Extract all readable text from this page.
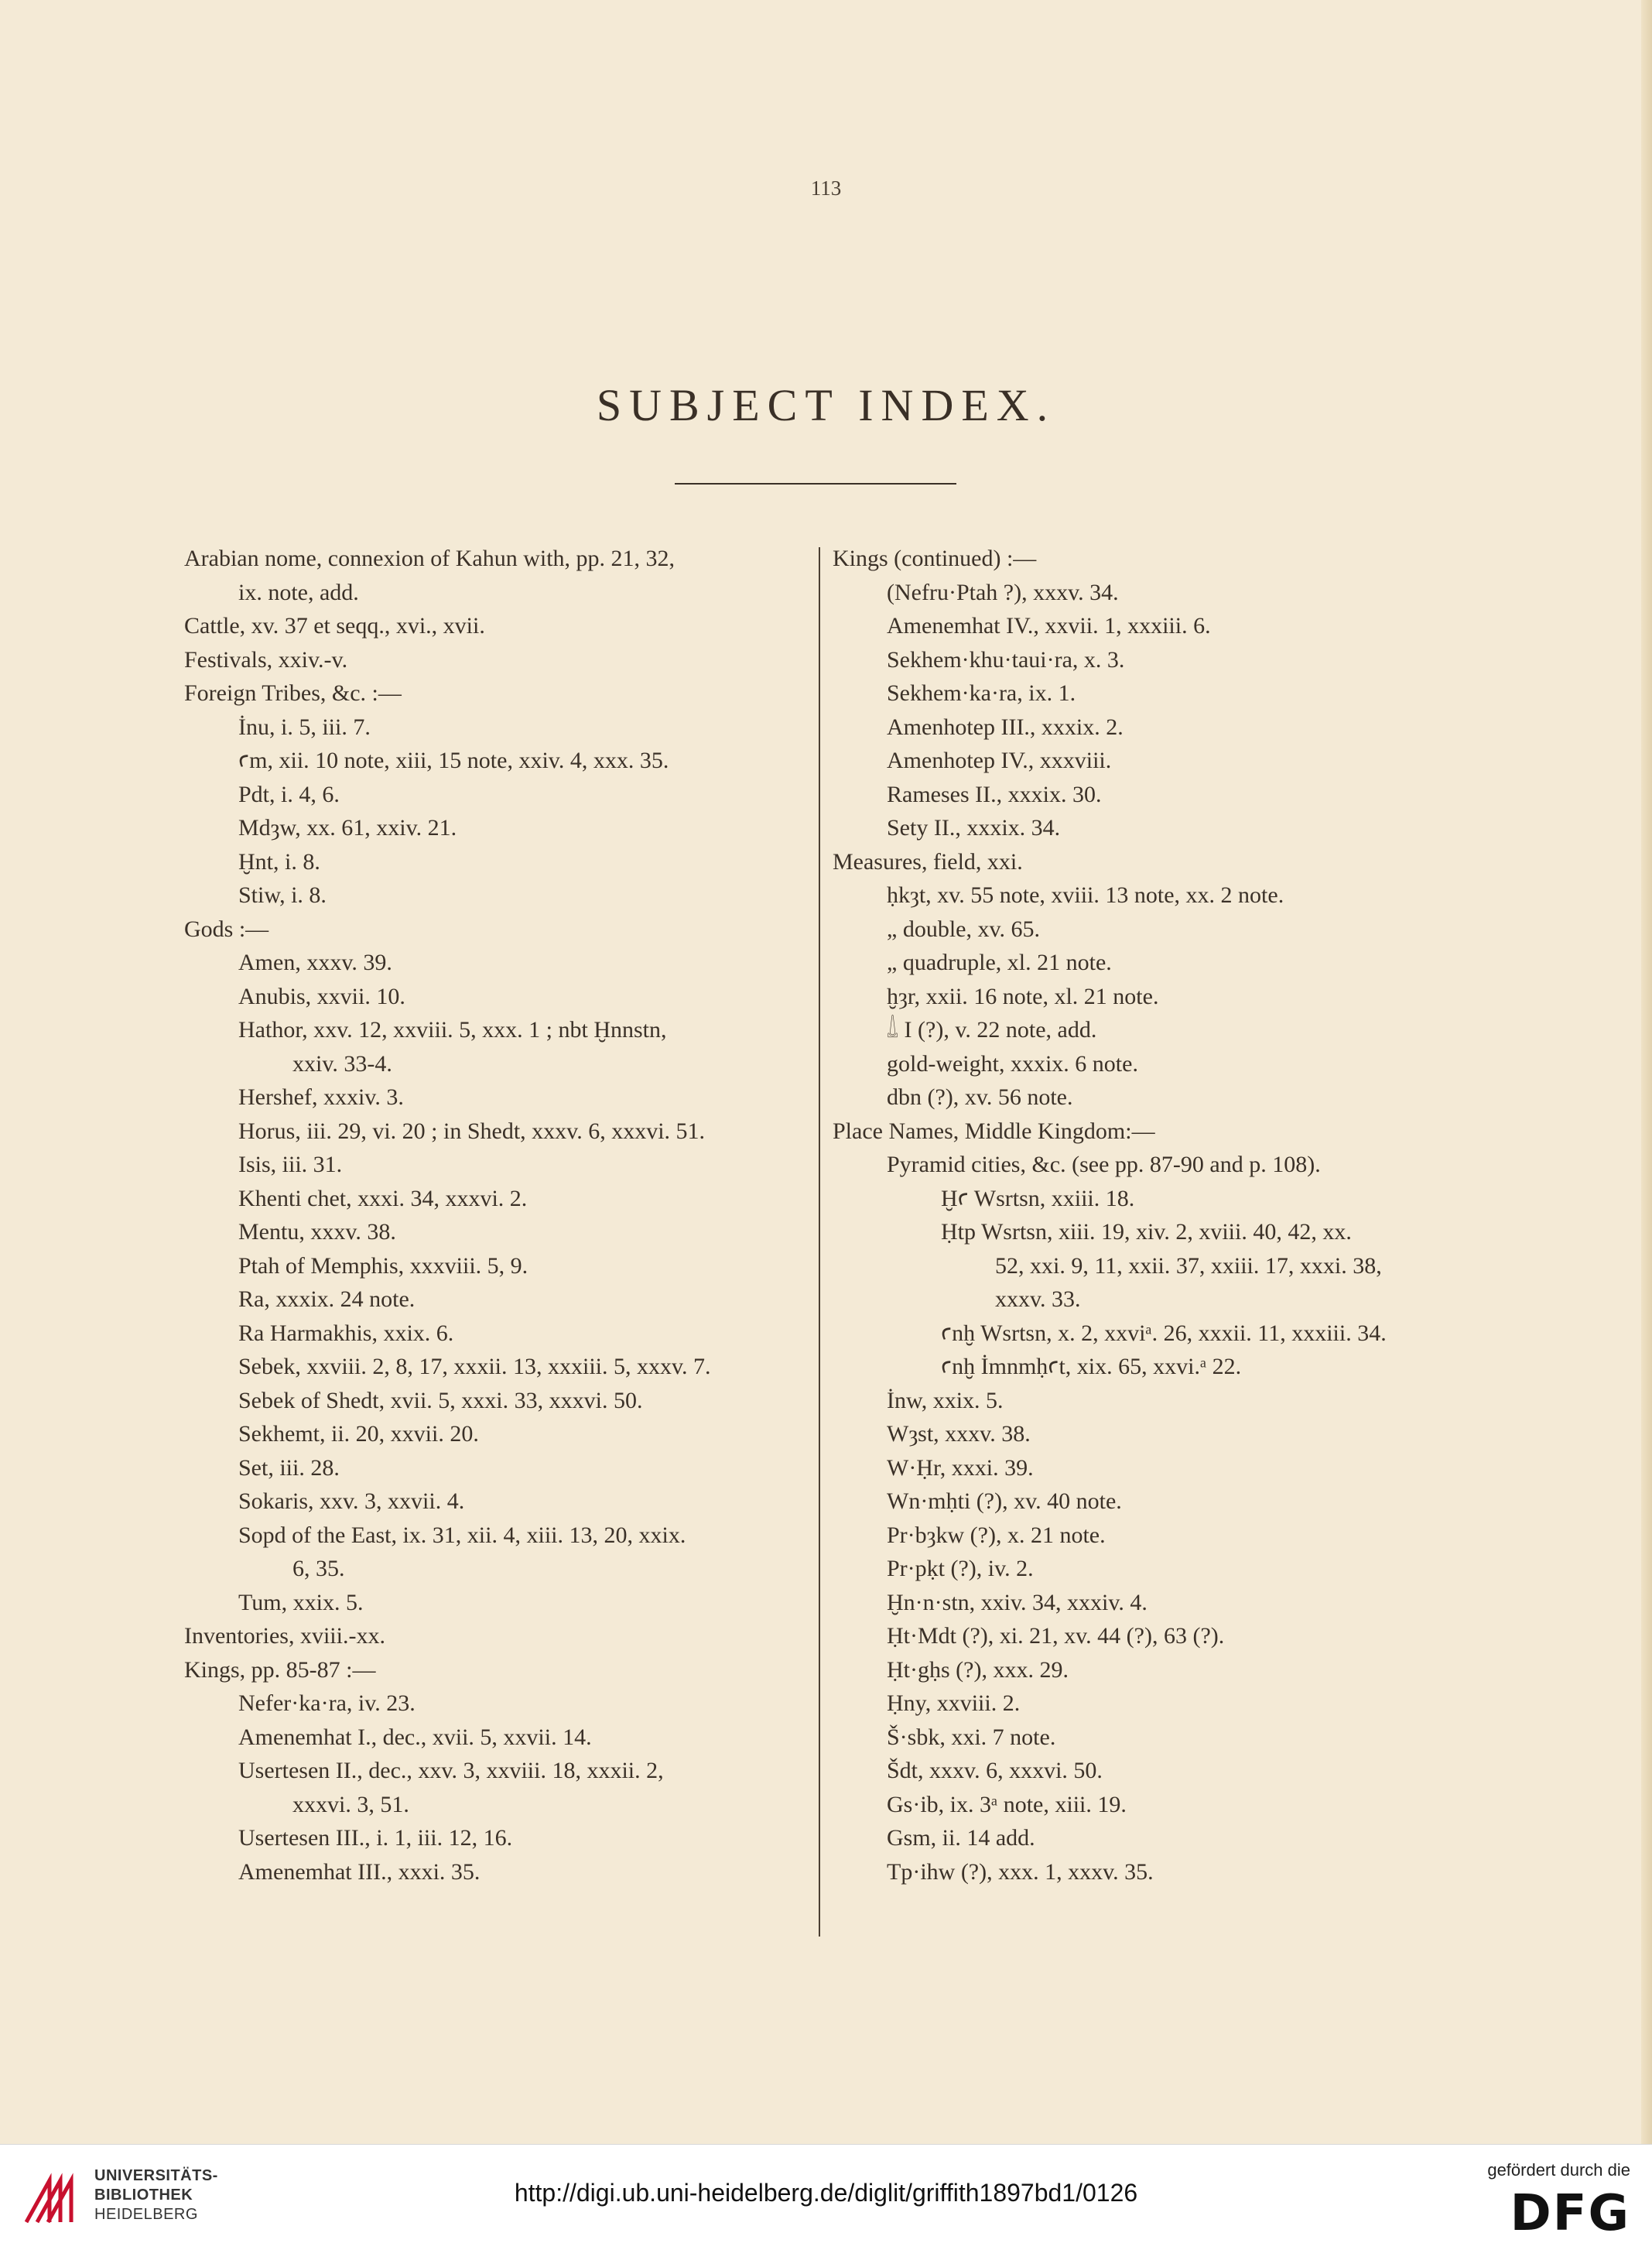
113
SUBJECT INDEX.
Arabian nome, connexion of Kahun with, pp. 21, 32,
ix. note, add.
Cattle, xv. 37 et seqq., xvi., xvii.
Festivals, xxiv.-v.
Foreign Tribes, &c. :—
İnu, i. 5, iii. 7.
ꜥm, xii. 10 note, xiii, 15 note, xxiv. 4, xxx. 35.
Pdt, i. 4, 6.
Mdȝw, xx. 61, xxiv. 21.
Ḫnt, i. 8.
Stiw, i. 8.
Gods :—
Amen, xxxv. 39.
Anubis, xxvii. 10.
Hathor, xxv. 12, xxviii. 5, xxx. 1 ; nbt Ḫnnstn,
xxiv. 33-4.
Hershef, xxxiv. 3.
Horus, iii. 29, vi. 20 ; in Shedt, xxxv. 6, xxxvi. 51.
Isis, iii. 31.
Khenti chet, xxxi. 34, xxxvi. 2.
Mentu, xxxv. 38.
Ptah of Memphis, xxxviii. 5, 9.
Ra, xxxix. 24 note.
Ra Harmakhis, xxix. 6.
Sebek, xxviii. 2, 8, 17, xxxii. 13, xxxiii. 5, xxxv. 7.
Sebek of Shedt, xvii. 5, xxxi. 33, xxxvi. 50.
Sekhemt, ii. 20, xxvii. 20.
Set, iii. 28.
Sokaris, xxv. 3, xxvii. 4.
Sopd of the East, ix. 31, xii. 4, xiii. 13, 20, xxix.
6, 35.
Tum, xxix. 5.
Inventories, xviii.-xx.
Kings, pp. 85-87 :—
Nefer·ka·ra, iv. 23.
Amenemhat I., dec., xvii. 5, xxvii. 14.
Usertesen II., dec., xxv. 3, xxviii. 18, xxxii. 2,
xxxvi. 3, 51.
Usertesen III., i. 1, iii. 12, 16.
Amenemhat III., xxxi. 35.
Kings (continued) :—
(Nefru·Ptah ?), xxxv. 34.
Amenemhat IV., xxvii. 1, xxxiii. 6.
Sekhem·khu·taui·ra, x. 3.
Sekhem·ka·ra, ix. 1.
Amenhotep III., xxxix. 2.
Amenhotep IV., xxxviii.
Rameses II., xxxix. 30.
Sety II., xxxix. 34.
Measures, field, xxi.
ḥkȝt, xv. 55 note, xviii. 13 note, xx. 2 note.
„ double, xv. 65.
„ quadruple, xl. 21 note.
ḫȝr, xxii. 16 note, xl. 21 note.
𓍑 I (?), v. 22 note, add.
gold-weight, xxxix. 6 note.
dbn (?), xv. 56 note.
Place Names, Middle Kingdom:—
Pyramid cities, &c. (see pp. 87-90 and p. 108).
Ḫꜥ Wsrtsn, xxiii. 18.
Ḥtp Wsrtsn, xiii. 19, xiv. 2, xviii. 40, 42, xx.
52, xxi. 9, 11, xxii. 37, xxiii. 17, xxxi. 38,
xxxv. 33.
ꜥnḫ Wsrtsn, x. 2, xxviᵃ. 26, xxxii. 11, xxxiii. 34.
ꜥnḫ İmnmḥꜥt, xix. 65, xxvi.ᵃ 22.
İnw, xxix. 5.
Wȝst, xxxv. 38.
W·Ḥr, xxxi. 39.
Wn·mḥti (?), xv. 40 note.
Pr·bȝkw (?), x. 21 note.
Pr·pḳt (?), iv. 2.
Ḫn·n·stn, xxiv. 34, xxxiv. 4.
Ḥt·Mdt (?), xi. 21, xv. 44 (?), 63 (?).
Ḥt·gḥs (?), xxx. 29.
Ḥny, xxviii. 2.
Š·sbk, xxi. 7 note.
Šdt, xxxv. 6, xxxvi. 50.
Gs·ib, ix. 3ᵃ note, xiii. 19.
Gsm, ii. 14 add.
Tp·ihw (?), xxx. 1, xxxv. 35.
UNIVERSITÄTS-
BIBLIOTHEK
HEIDELBERG
http://digi.ub.uni-heidelberg.de/diglit/griffith1897bd1/0126
gefördert durch die
DFG
